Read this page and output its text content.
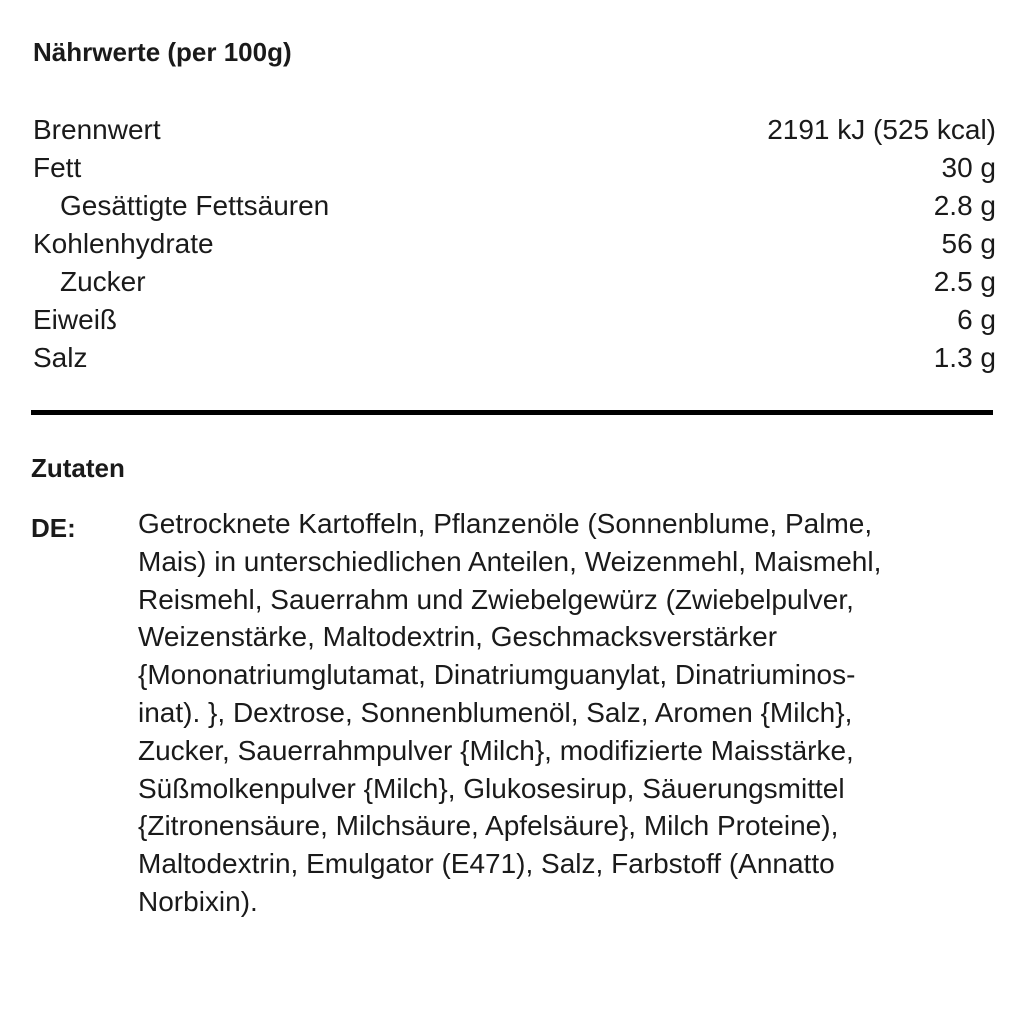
Nährwerte (per 100g)
Brennwert	2191 kJ (525 kcal)
Fett	30 g
Gesättigte Fettsäuren	2.8 g
Kohlenhydrate	56 g
Zucker	2.5 g
Eiweiß	6 g
Salz	1.3 g
Zutaten
DE: Getrocknete Kartoffeln, Pflanzenöle (Sonnenblume, Palme,
Mais) in unterschiedlichen Anteilen, Weizenmehl, Maismehl,
Reismehl, Sauerrahm und Zwiebelgewürz (Zwiebelpulver,
Weizenstärke, Maltodextrin, Geschmacksverstärker
{Mononatriumglutamat, Dinatriumguanylat, Dinatriuminos-
inat). }, Dextrose, Sonnenblumenöl, Salz, Aromen {Milch},
Zucker, Sauerrahmpulver {Milch}, modifizierte Maisstärke,
Süßmolkenpulver {Milch}, Glukosesirup, Säuerungsmittel
{Zitronensäure, Milchsäure, Apfelsäure}, Milch Proteine),
Maltodextrin, Emulgator (E471), Salz, Farbstoff (Annatto
Norbixin).
